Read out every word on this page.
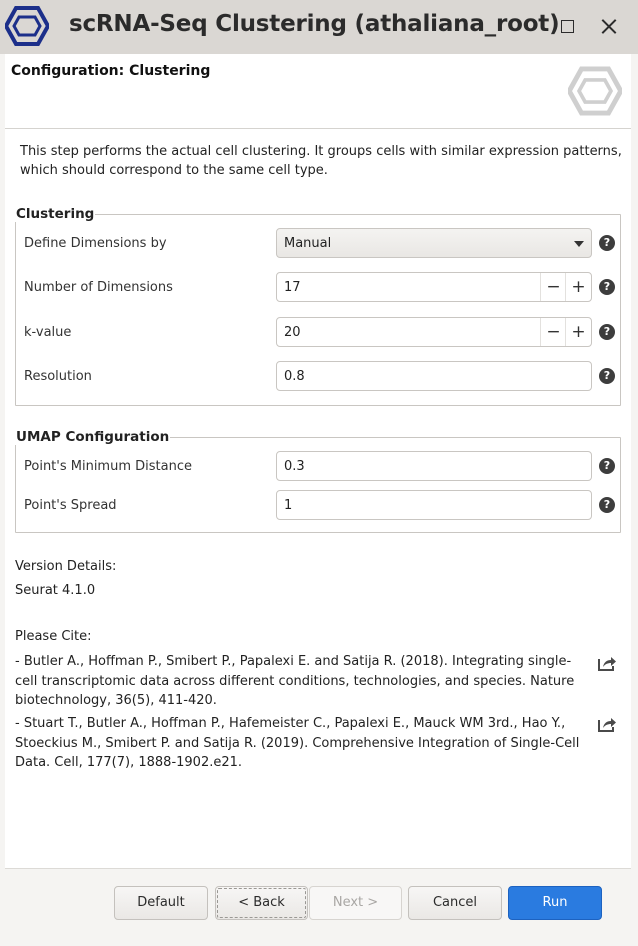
scRNA-Seq Clustering (athaliana_root)
Configuration: Clustering
This step performs the actual cell clustering. It groups cells with similar expression patterns, which should correspond to the same cell type.
Clustering
Define Dimensions by	Manual	?
Number of Dimensions	17	− +	?
k-value	20	− +	?
Resolution	0.8	?
UMAP Configuration
Point's Minimum Distance	0.3	?
Point's Spread	1	?
Version Details:
Seurat 4.1.0
Please Cite:
- Butler A., Hoffman P., Smibert P., Papalexi E. and Satija R. (2018). Integrating single-cell transcriptomic data across different conditions, technologies, and species. Nature biotechnology, 36(5), 411-420.
- Stuart T., Butler A., Hoffman P., Hafemeister C., Papalexi E., Mauck WM 3rd., Hao Y., Stoeckius M., Smibert P. and Satija R. (2019). Comprehensive Integration of Single-Cell Data. Cell, 177(7), 1888-1902.e21.
Default	< Back	Next >	Cancel	Run
